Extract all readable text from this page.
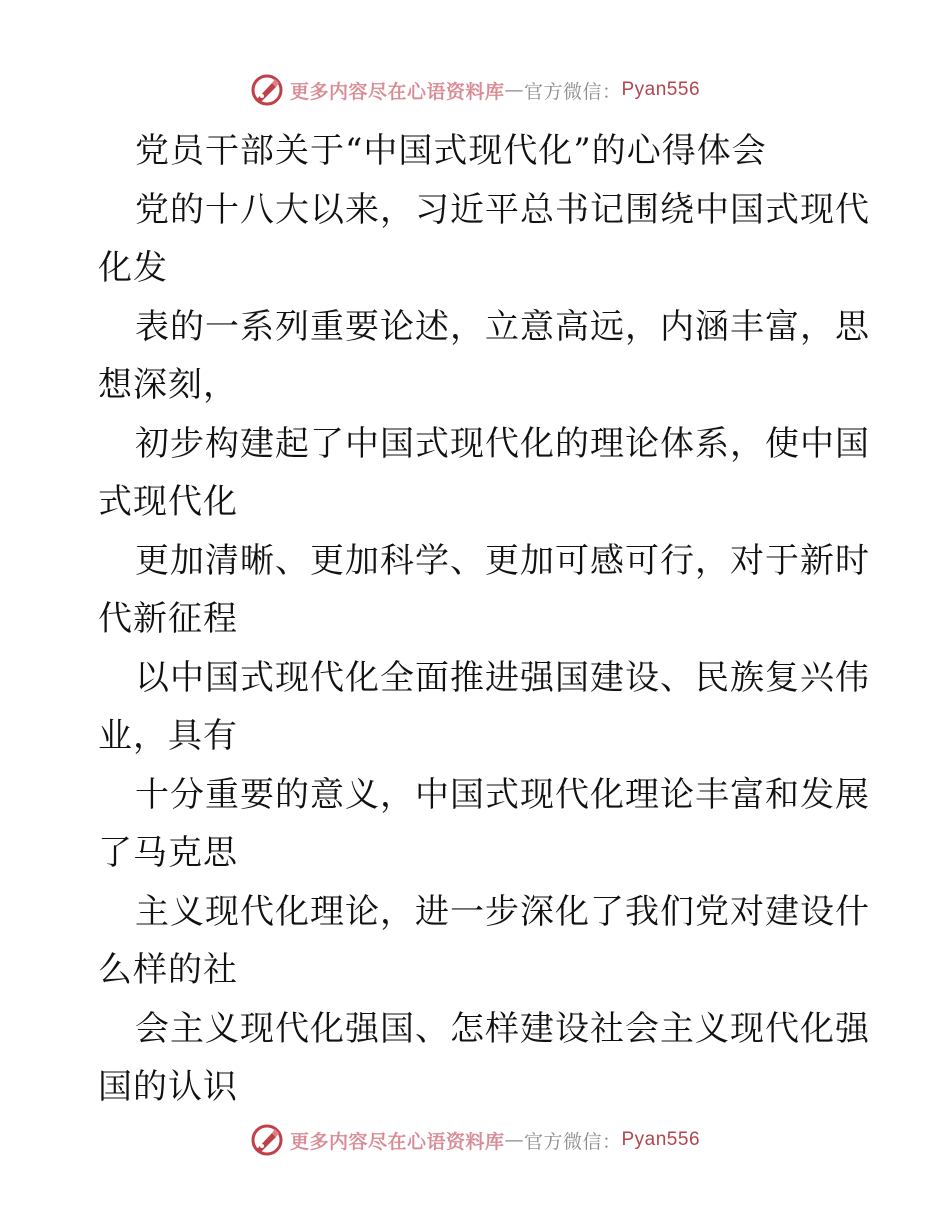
更多内容尽在心语资料库 — 官方微信： Pyan556
党员干部关于“中国式现代化”的心得体会
党的十八大以来，习近平总书记围绕中国式现代
化发
表的一系列重要论述，立意高远，内涵丰富，思
想深刻，
初步构建起了中国式现代化的理论体系，使中国
式现代化
更加清晰、更加科学、更加可感可行，对于新时
代新征程
以中国式现代化全面推进强国建设、民族复兴伟
业，具有
十分重要的意义，中国式现代化理论丰富和发展
了马克思
主义现代化理论，进一步深化了我们党对建设什
么样的社
会主义现代化强国、怎样建设社会主义现代化强
国的认识
更多内容尽在心语资料库 — 官方微信： Pyan556
